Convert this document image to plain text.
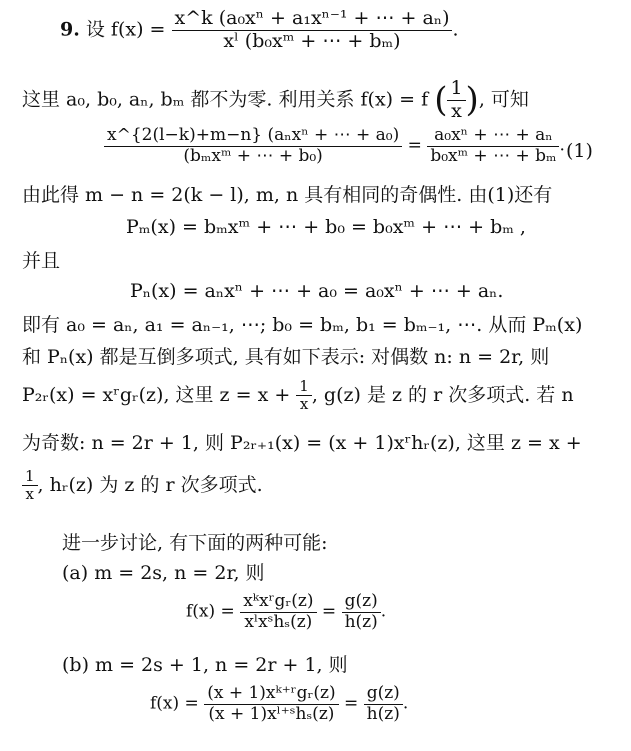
9. 设 $f(x) = \frac{\text{x\textasciicircum{}k (a₀xⁿ + a₁xⁿ⁻¹ + ⋯ + aₙ)}}{\text{xˡ (b₀xᵐ + ⋯ + bₘ)}}$ .
这里 a₀, b₀, aₙ, bₘ 都不为零. 利用关系 f(x) = f ( $\frac{1}{x}$ ), 可知
$\frac{\text{x\textasciicircum{}\{2(l−k)+m−n\} (aₙxⁿ + ⋯ + a₀)}}{\text{(bₘxᵐ + ⋯ + b₀)}} = \frac{\text{a₀xⁿ + ⋯ + aₙ}}{\text{b₀xᵐ + ⋯ + bₘ}}$ . (1)
由此得 m − n = 2(k − l), m, n 具有相同的奇偶性. 由(1)还有
Pₘ(x) = bₘxᵐ + ⋯ + b₀ = b₀xᵐ + ⋯ + bₘ ,
并且
Pₙ(x) = aₙxⁿ + ⋯ + a₀ = a₀xⁿ + ⋯ + aₙ.
即有 a₀ = aₙ, a₁ = aₙ₋₁, ⋯; b₀ = bₘ, b₁ = bₘ₋₁, ⋯. 从而 Pₘ(x)
和 Pₙ(x) 都是互倒多项式, 具有如下表示: 对偶数 n: n = 2r, 则
P₂ᵣ(x) = xʳgᵣ(z), 这里 $z = x + \frac{1}{x}$ , g(z) 是 z 的 r 次多项式. 若 n
为奇数: n = 2r + 1, 则 P₂ᵣ₊₁(x) = (x + 1)xʳhᵣ(z), 这里 z = x +
$\frac{1}{x}$ , hᵣ(z) 为 z 的 r 次多项式.
进一步讨论, 有下面的两种可能:
(a) m = 2s, n = 2r, 则
$f(x) = \frac{\text{xᵏxʳgᵣ(z)}}{\text{xˡxˢhₛ(z)}} = \frac{g(z)}{h(z)}$ .
(b) m = 2s + 1, n = 2r + 1, 则
$f(x) = \frac{\text{(x + 1)xᵏ⁺ʳgᵣ(z)}}{\text{(x + 1)xˡ⁺ˢhₛ(z)}} = \frac{g(z)}{h(z)}$ .
